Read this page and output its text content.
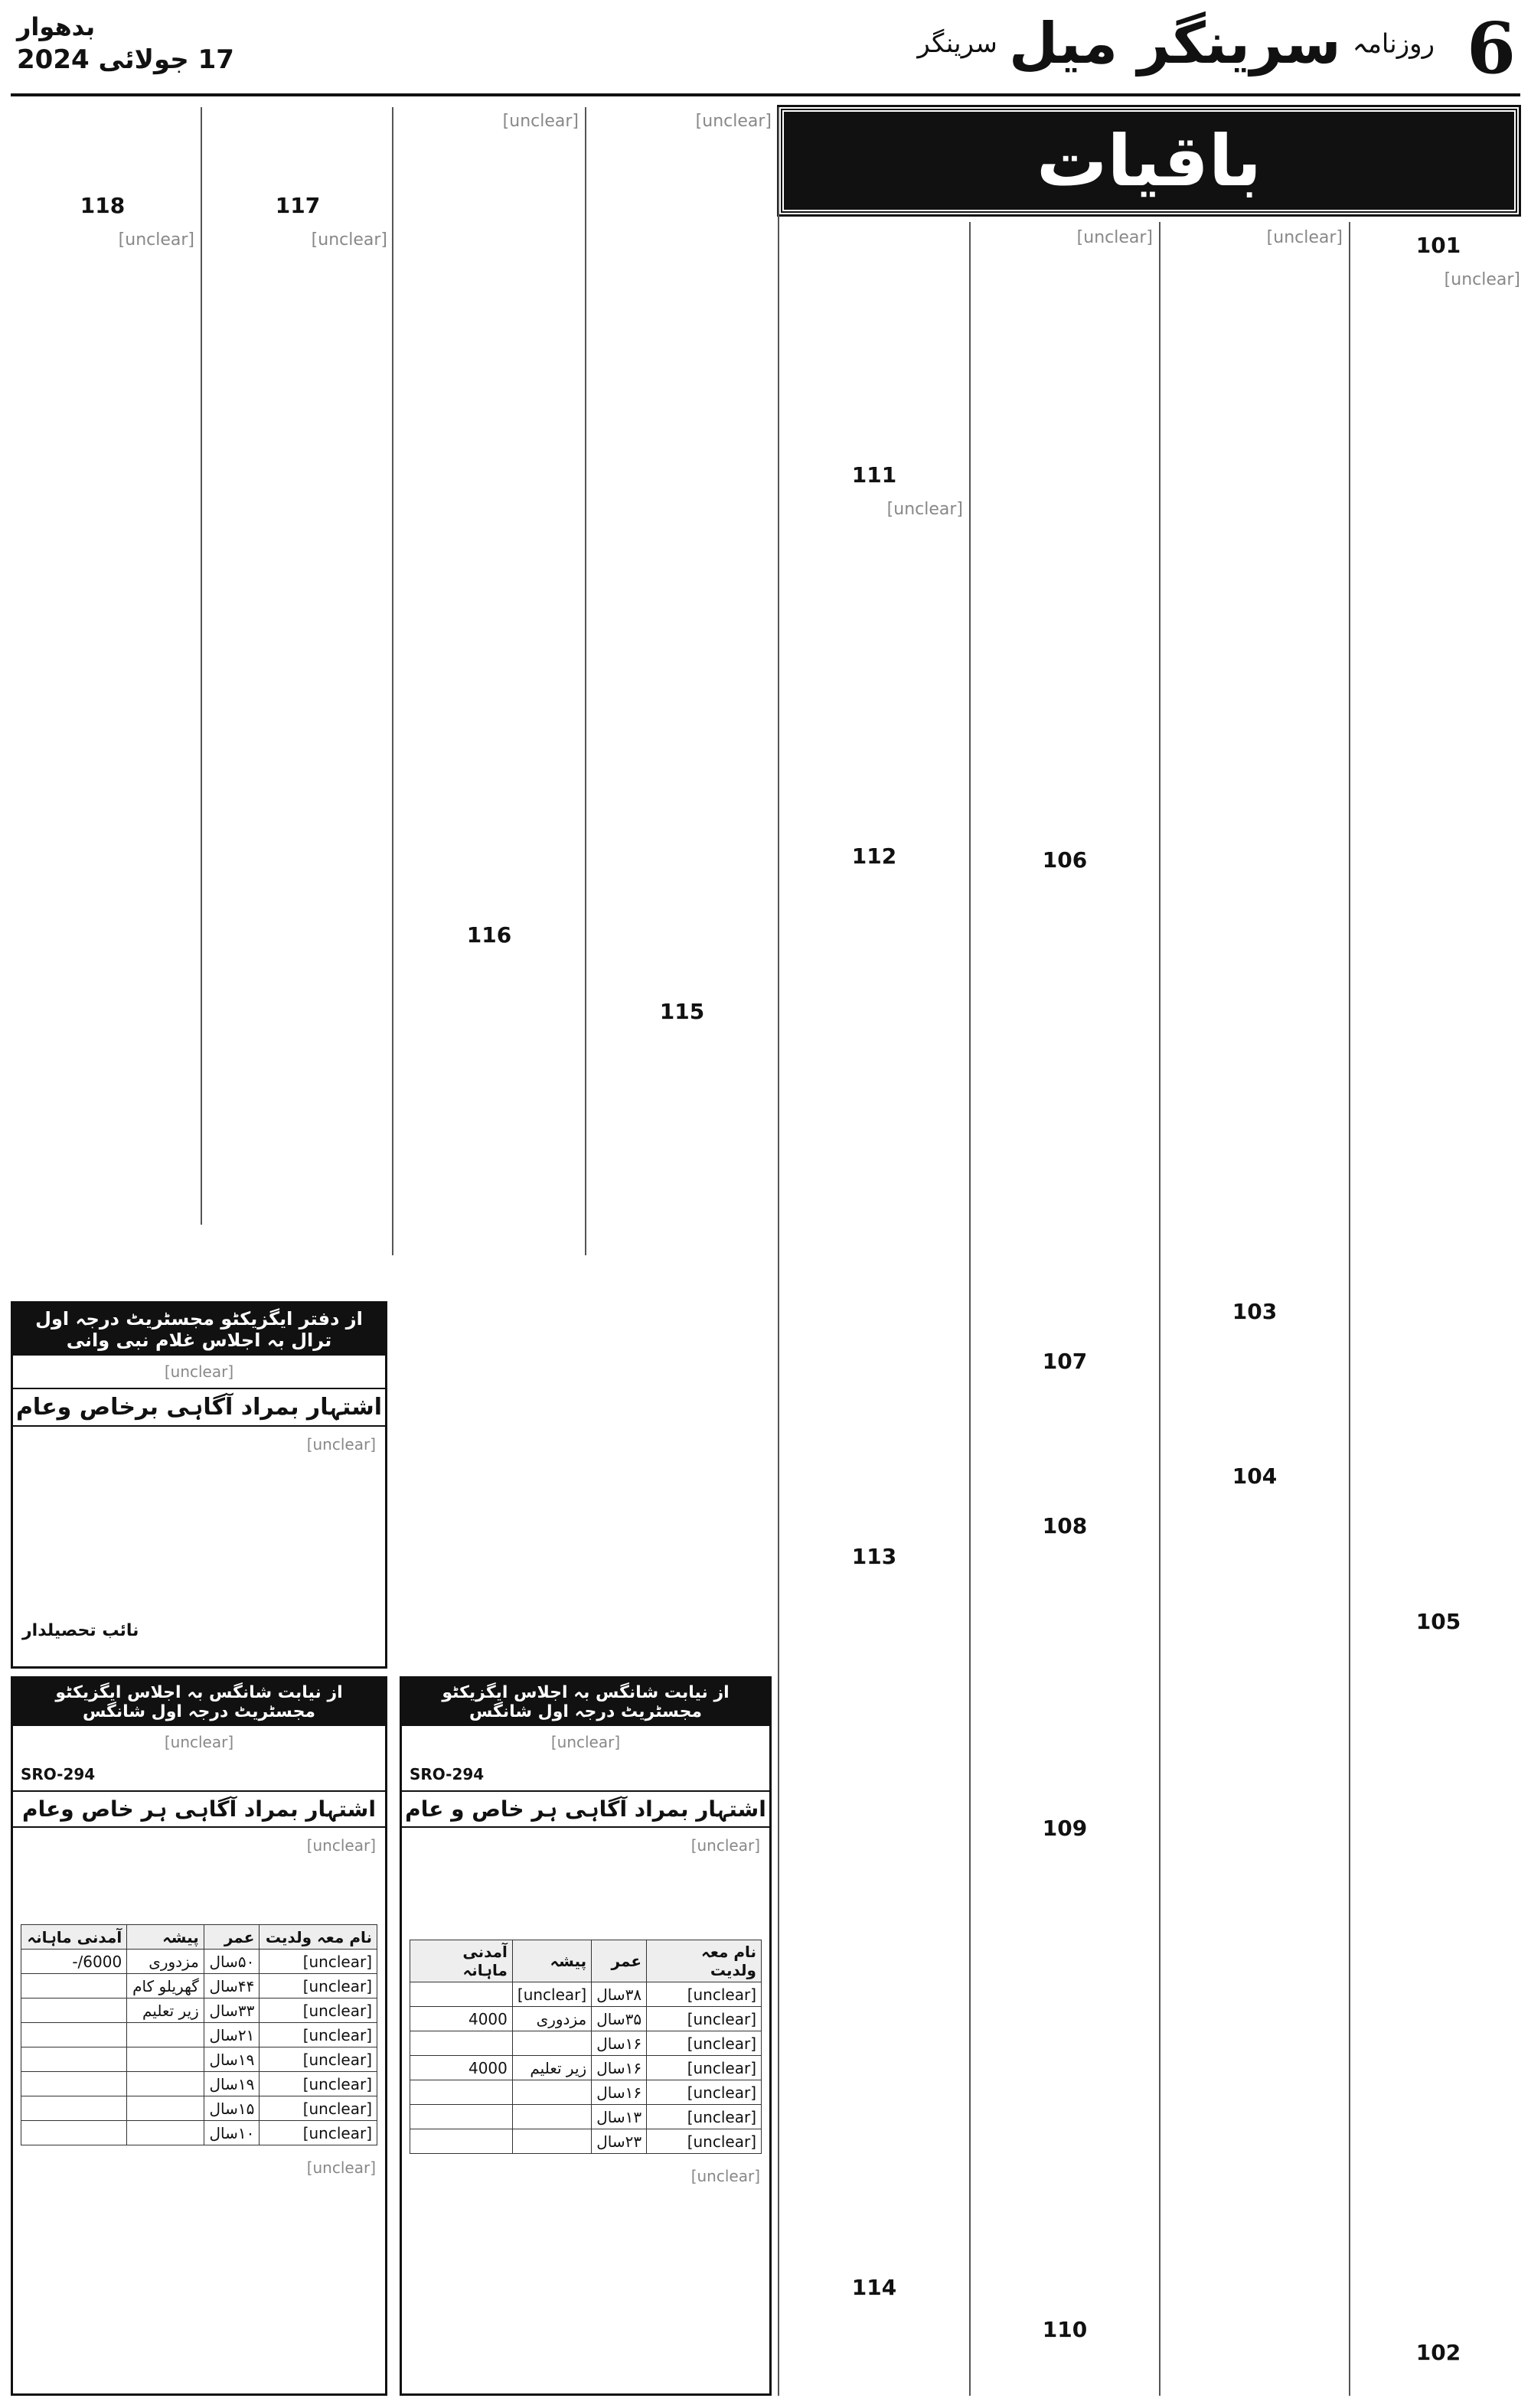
6
روزنامہ سرینگر میل سرینگر
بدھوار
17 جولائی 2024
باقیات
101

[unclear]

105
102

[unclear]

103
104

[unclear]

106
107
108
109
110
111

[unclear]

112
113
114

[unclear]

115

[unclear]

116
117

[unclear]

118

[unclear]

از دفتر ایگزیکٹو مجسٹریٹ درجہ اول ترال بہ اجلاس غلام نبی وانی
[unclear]
اشتہار بمراد آگاہی برخاص وعام
[unclear]
نائب تحصیلدار
از نیابت شانگس بہ اجلاس ایگزیکٹو مجسٹریٹ درجہ اول شانگس
[unclear]
SRO-294
اشتہار بمراد آگاہی ہر خاص و عام
[unclear]
نام معہ ولدیت	عمر	پیشہ	آمدنی ماہانہ
[unclear]	۳۸سال	[unclear]	
[unclear]	۳۵سال	مزدوری	4000
[unclear]	۱۶سال		
[unclear]	۱۶سال	زیر تعلیم	4000
[unclear]	۱۶سال		
[unclear]	۱۳سال		
[unclear]	۲۳سال		
[unclear]
از نیابت شانگس بہ اجلاس ایگزیکٹو مجسٹریٹ درجہ اول شانگس
[unclear]
SRO-294
اشتہار بمراد آگاہی ہر خاص وعام
[unclear]
نام معہ ولدیت	عمر	پیشہ	آمدنی ماہانہ
[unclear]	۵۰سال	مزدوری	6000/-
[unclear]	۴۴سال	گھریلو کام	
[unclear]	۳۳سال	زیر تعلیم	
[unclear]	۲۱سال		
[unclear]	۱۹سال		
[unclear]	۱۹سال		
[unclear]	۱۵سال		
[unclear]	۱۰سال		
[unclear]
